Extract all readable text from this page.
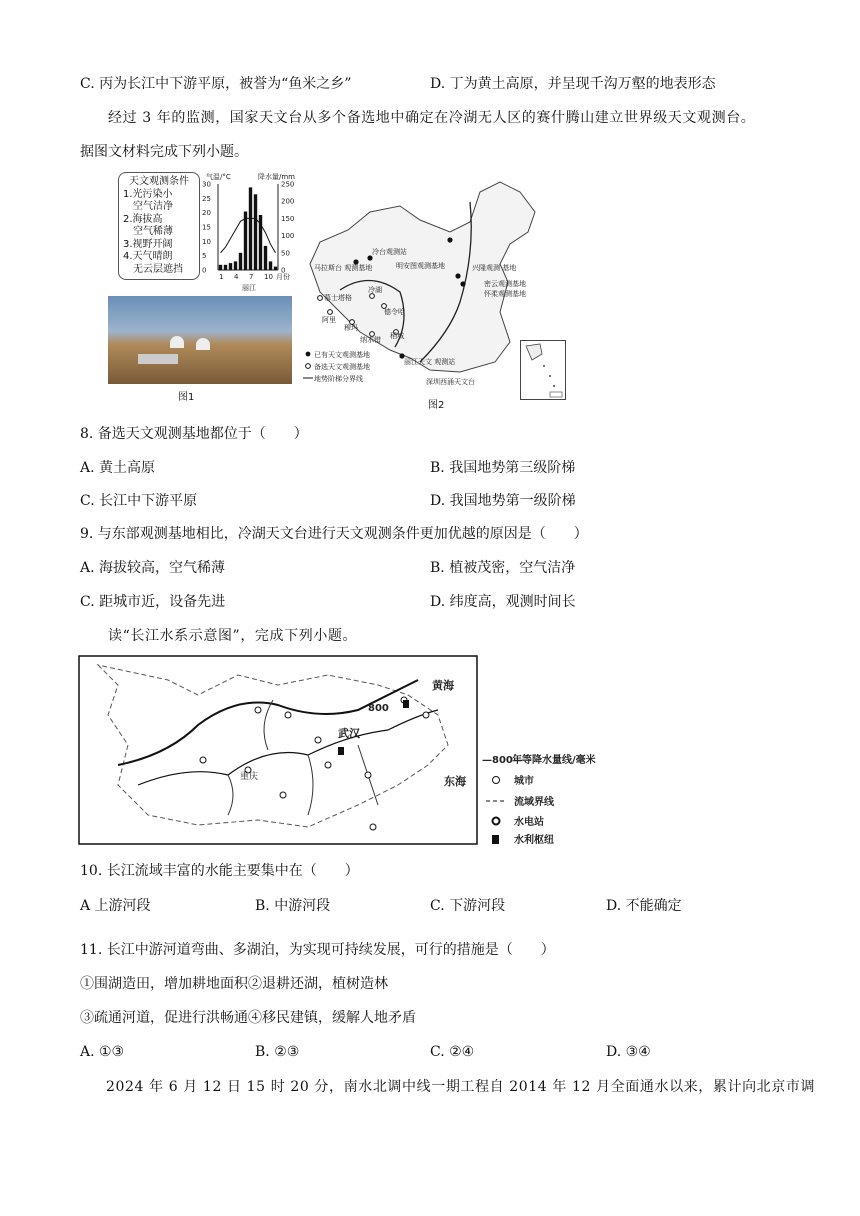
C. 丙为长江中下游平原，被誉为“鱼米之乡”	D. 丁为黄土高原，并呈现千沟万壑的地表形态
经过 3 年的监测，国家天文台从多个备选地中确定在冷湖无人区的赛什腾山建立世界级天文观测台。
据图文材料完成下列小题。
天文观测条件
1.光污染小
空气洁净
2.海拔高
空气稀薄
3.视野开阔
4.天气晴朗
无云层遮挡
气温/°C	降水量/mm
30
25
20
15
10
5
0
250
200
150
100
50
0
1 4 7 10 月份
丽江
图1
马拉斯台 观测基地
冷台观测站
明安图观测基地	兴隆观测 基地
密云观测基地
怀柔观测基地
慕士塔格
阿里
冷湖
德令哈
稻城
穆玛
纳木错
丽江天文 观测站
深圳西涌天文台
已有天文观测基地
备选天文观测基地
地势阶梯分界线
图2
8. 备选天文观测基地都位于（　　）
A. 黄土高原	B. 我国地势第三级阶梯
C. 长江中下游平原	D. 我国地势第一级阶梯
9. 与东部观测基地相比，冷湖天文台进行天文观测条件更加优越的原因是（　　）
A. 海拔较高，空气稀薄	B. 植被茂密，空气洁净
C. 距城市近，设备先进	D. 纬度高，观测时间长
读“长江水系示意图”，完成下列小题。
黄海
东海
武汉
800
重庆
—800—
年等降水量线/毫米
城市
流域界线
水电站
水利枢纽
10. 长江流域丰富的水能主要集中在（　　）
A 上游河段	B. 中游河段	C. 下游河段	D. 不能确定
11. 长江中游河道弯曲、多湖泊，为实现可持续发展，可行的措施是（　　）
①围湖造田，增加耕地面积②退耕还湖，植树造林
③疏通河道，促进行洪畅通④移民建镇，缓解人地矛盾
A. ①③	B. ②③	C. ②④	D. ③④
2024 年 6 月 12 日 15 时 20 分，南水北调中线一期工程自 2014 年 12 月全面通水以来，累计向北京市调
